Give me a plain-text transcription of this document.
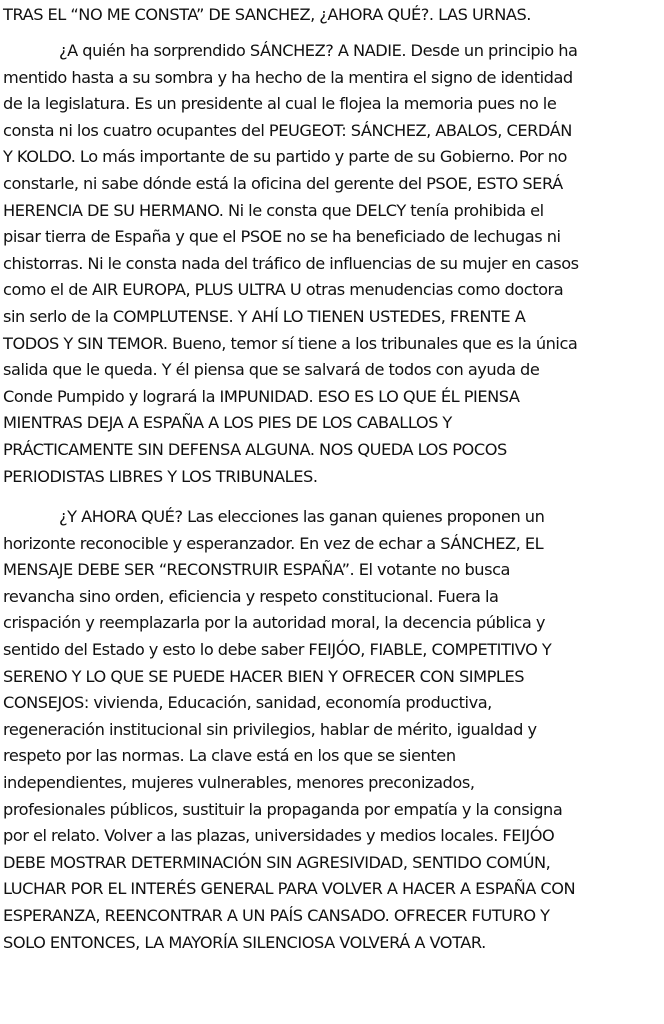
TRAS EL “NO ME CONSTA” DE SANCHEZ, ¿AHORA QUÉ?. LAS URNAS.
¿A quién ha sorprendido SÁNCHEZ? A NADIE. Desde un principio ha
mentido hasta a su sombra y ha hecho de la mentira el signo de identidad
de la legislatura. Es un presidente al cual le flojea la memoria pues no le
consta ni los cuatro ocupantes del PEUGEOT: SÁNCHEZ, ABALOS, CERDÁN
Y KOLDO. Lo más importante de su partido y parte de su Gobierno. Por no
constarle, ni sabe dónde está la oficina del gerente del PSOE, ESTO SERÁ
HERENCIA DE SU HERMANO. Ni le consta que DELCY tenía prohibida el
pisar tierra de España y que el PSOE no se ha beneficiado de lechugas ni
chistorras. Ni le consta nada del tráfico de influencias de su mujer en casos
como el de AIR EUROPA, PLUS ULTRA U otras menudencias como doctora
sin serlo de la COMPLUTENSE. Y AHÍ LO TIENEN USTEDES, FRENTE A
TODOS Y SIN TEMOR. Bueno, temor sí tiene a los tribunales que es la única
salida que le queda. Y él piensa que se salvará de todos con ayuda de
Conde Pumpido y logrará la IMPUNIDAD. ESO ES LO QUE ÉL PIENSA
MIENTRAS DEJA A ESPAÑA A LOS PIES DE LOS CABALLOS Y
PRÁCTICAMENTE SIN DEFENSA ALGUNA. NOS QUEDA LOS POCOS
PERIODISTAS LIBRES Y LOS TRIBUNALES.
¿Y AHORA QUÉ? Las elecciones las ganan quienes proponen un
horizonte reconocible y esperanzador. En vez de echar a SÁNCHEZ, EL
MENSAJE DEBE SER “RECONSTRUIR ESPAÑA”. El votante no busca
revancha sino orden, eficiencia y respeto constitucional. Fuera la
crispación y reemplazarla por la autoridad moral, la decencia pública y
sentido del Estado y esto lo debe saber FEIJÓO, FIABLE, COMPETITIVO Y
SERENO Y LO QUE SE PUEDE HACER BIEN Y OFRECER CON SIMPLES
CONSEJOS: vivienda, Educación, sanidad, economía productiva,
regeneración institucional sin privilegios, hablar de mérito, igualdad y
respeto por las normas. La clave está en los que se sienten
independientes, mujeres vulnerables, menores preconizados,
profesionales públicos, sustituir la propaganda por empatía y la consigna
por el relato. Volver a las plazas, universidades y medios locales. FEIJÓO
DEBE MOSTRAR DETERMINACIÓN SIN AGRESIVIDAD, SENTIDO COMÚN,
LUCHAR POR EL INTERÉS GENERAL PARA VOLVER A HACER A ESPAÑA CON
ESPERANZA, REENCONTRAR A UN PAÍS CANSADO. OFRECER FUTURO Y
SOLO ENTONCES, LA MAYORÍA SILENCIOSA VOLVERÁ A VOTAR.
